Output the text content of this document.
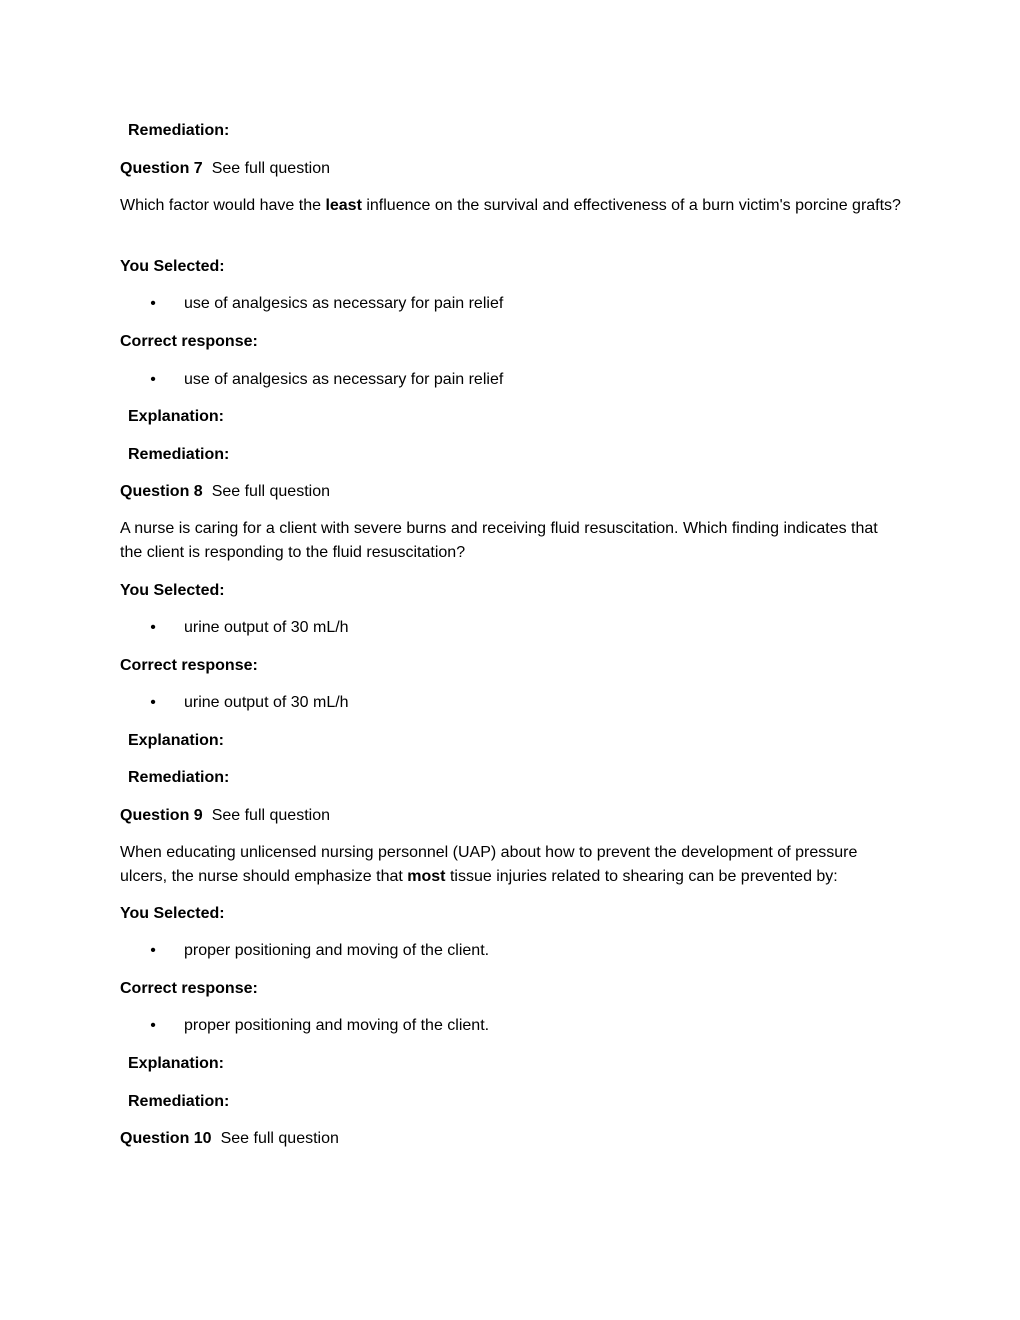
Remediation:
Question 7 See full question
Which factor would have the least influence on the survival and effectiveness of a burn victim's porcine grafts?
You Selected:
• use of analgesics as necessary for pain relief
Correct response:
• use of analgesics as necessary for pain relief
Explanation:
Remediation:
Question 8 See full question
A nurse is caring for a client with severe burns and receiving fluid resuscitation. Which finding indicates that the client is responding to the fluid resuscitation?
You Selected:
• urine output of 30 mL/h
Correct response:
• urine output of 30 mL/h
Explanation:
Remediation:
Question 9 See full question
When educating unlicensed nursing personnel (UAP) about how to prevent the development of pressure ulcers, the nurse should emphasize that most tissue injuries related to shearing can be prevented by:
You Selected:
• proper positioning and moving of the client.
Correct response:
• proper positioning and moving of the client.
Explanation:
Remediation:
Question 10 See full question
